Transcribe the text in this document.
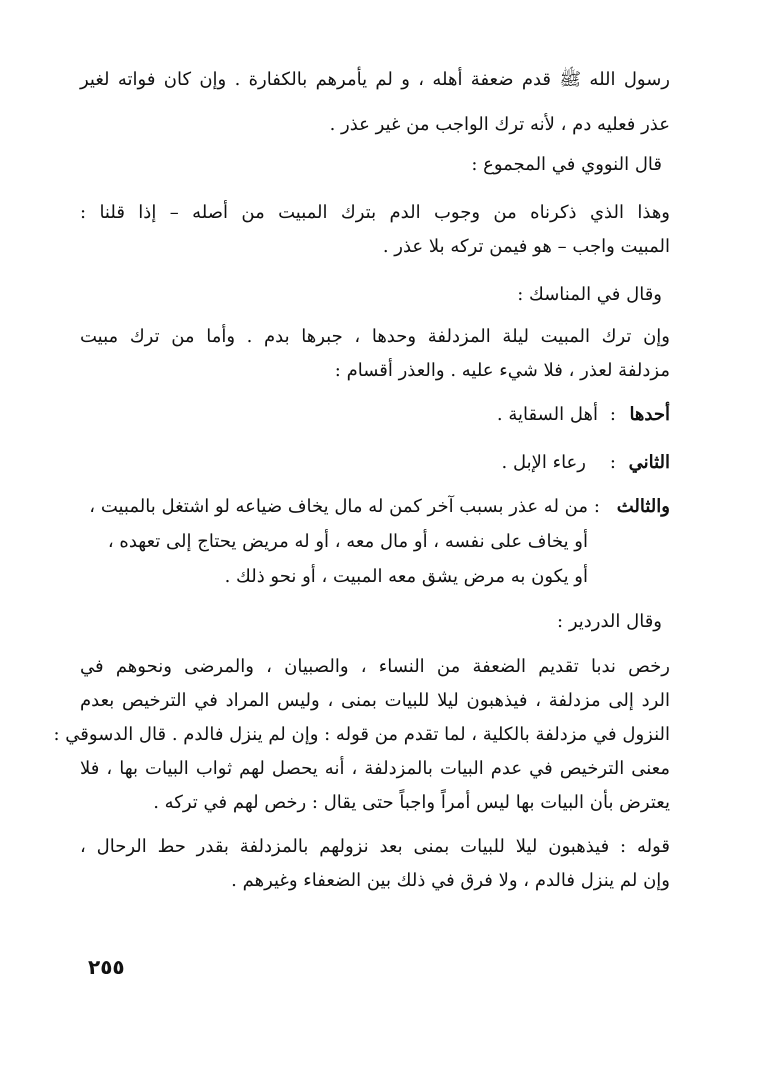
رسول الله ﷺ قدم ضعفة أهله ، و لم يأمرهم بالكفارة . وإن كان فواته لغير
عذر فعليه دم ، لأنه ترك الواجب من غير عذر .
قال النووي في المجموع :
وهذا الذي ذكرناه من وجوب الدم بترك المبيت من أصله – إذا قلنا :
المبيت واجب – هو فيمن تركه بلا عذر .
وقال في المناسك :
وإن ترك المبيت ليلة المزدلفة وحدها ، جبرها بدم . وأما من ترك مبيت
مزدلفة لعذر ، فلا شيء عليه . والعذر أقسام :
أحدها
:
أهل السقاية .
الثاني
:
رعاء الإبل .
والثالث
:
من له عذر بسبب آخر كمن له مال يخاف ضياعه لو اشتغل بالمبيت ،
أو يخاف على نفسه ، أو مال معه ، أو له مريض يحتاج إلى تعهده ،
أو يكون به مرض يشق معه المبيت ، أو نحو ذلك .
وقال الدردير :
رخص ندبا تقديم الضعفة من النساء ، والصبيان ، والمرضى ونحوهم في
الرد إلى مزدلفة ، فيذهبون ليلا للبيات بمنى ، وليس المراد في الترخيص بعدم
النزول في مزدلفة بالكلية ، لما تقدم من قوله : وإن لم ينزل فالدم . قال الدسوقي :
معنى الترخيص في عدم البيات بالمزدلفة ، أنه يحصل لهم ثواب البيات بها ، فلا
يعترض بأن البيات بها ليس أمراً واجباً حتى يقال : رخص لهم في تركه .
قوله : فيذهبون ليلا للبيات بمنى بعد نزولهم بالمزدلفة بقدر حط الرحال ،
وإن لم ينزل فالدم ، ولا فرق في ذلك بين الضعفاء وغيرهم .
٢٥٥
